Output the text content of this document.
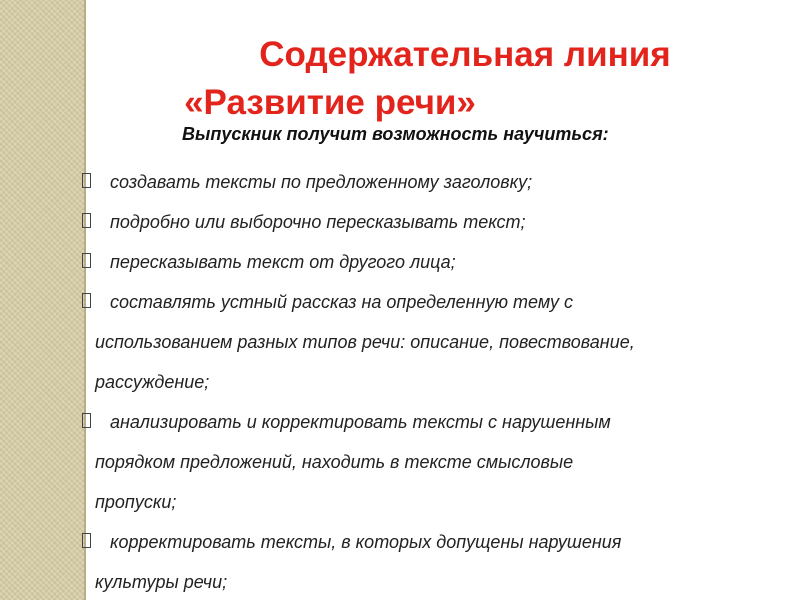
Содержательная линия
«Развитие речи»
Выпускник получит возможность научиться:
создавать тексты по предложенному заголовку;
подробно или выборочно пересказывать текст;
пересказывать текст от другого лица;
составлять устный рассказ на определенную тему с
использованием разных типов речи: описание, повествование,
рассуждение;
анализировать и корректировать тексты с нарушенным
порядком предложений, находить в тексте смысловые
пропуски;
корректировать тексты, в которых допущены нарушения
культуры речи;
